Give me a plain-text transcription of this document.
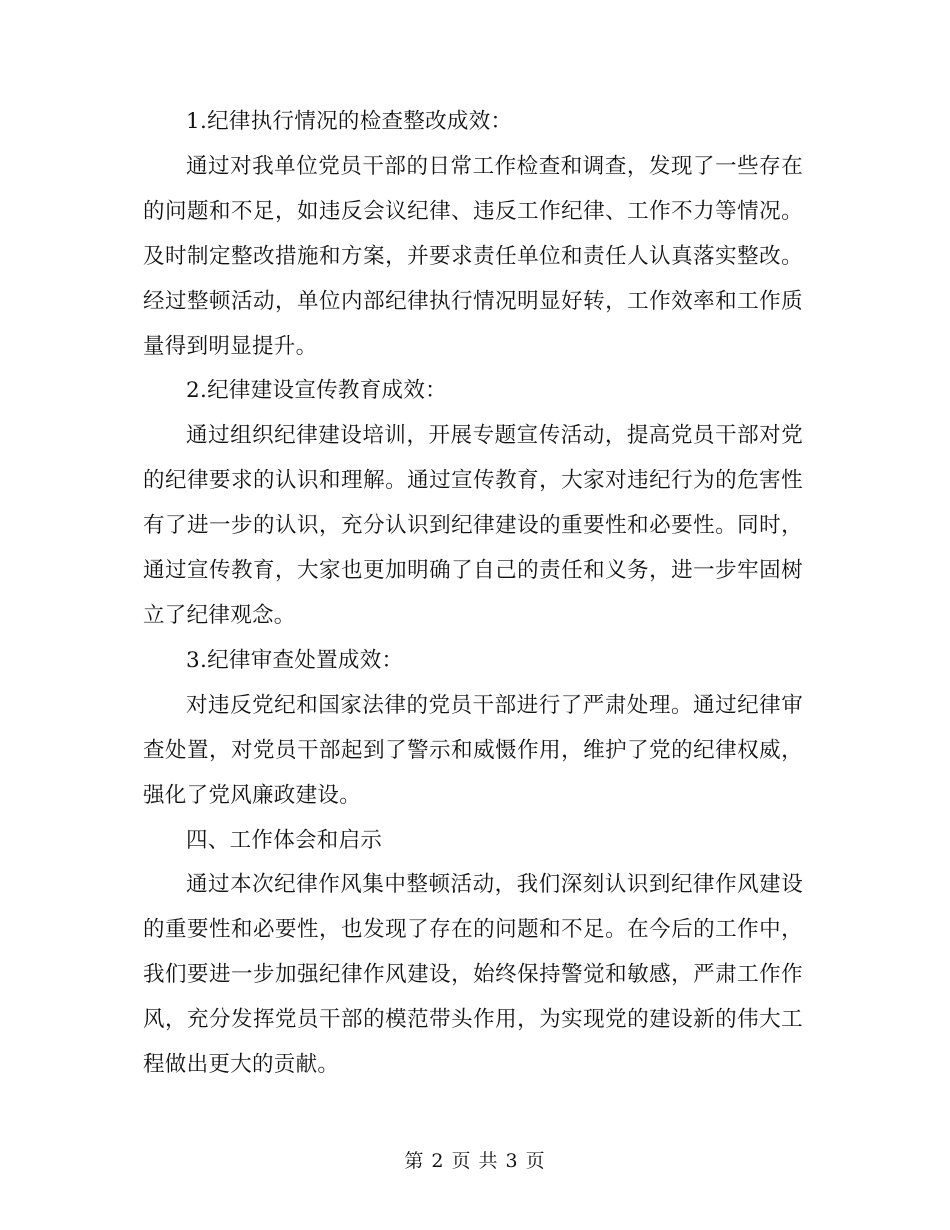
1.纪律执行情况的检查整改成效：

通过对我单位党员干部的日常工作检查和调查，发现了一些存在的问题和不足，如违反会议纪律、违反工作纪律、工作不力等情况。及时制定整改措施和方案，并要求责任单位和责任人认真落实整改。经过整顿活动，单位内部纪律执行情况明显好转，工作效率和工作质量得到明显提升。

2.纪律建设宣传教育成效：

通过组织纪律建设培训，开展专题宣传活动，提高党员干部对党的纪律要求的认识和理解。通过宣传教育，大家对违纪行为的危害性有了进一步的认识，充分认识到纪律建设的重要性和必要性。同时，通过宣传教育，大家也更加明确了自己的责任和义务，进一步牢固树立了纪律观念。

3.纪律审查处置成效：

对违反党纪和国家法律的党员干部进行了严肃处理。通过纪律审查处置，对党员干部起到了警示和威慑作用，维护了党的纪律权威，强化了党风廉政建设。

四、工作体会和启示

通过本次纪律作风集中整顿活动，我们深刻认识到纪律作风建设的重要性和必要性，也发现了存在的问题和不足。在今后的工作中，我们要进一步加强纪律作风建设，始终保持警觉和敏感，严肃工作作风，充分发挥党员干部的模范带头作用，为实现党的建设新的伟大工程做出更大的贡献。

第 2 页 共 3 页
